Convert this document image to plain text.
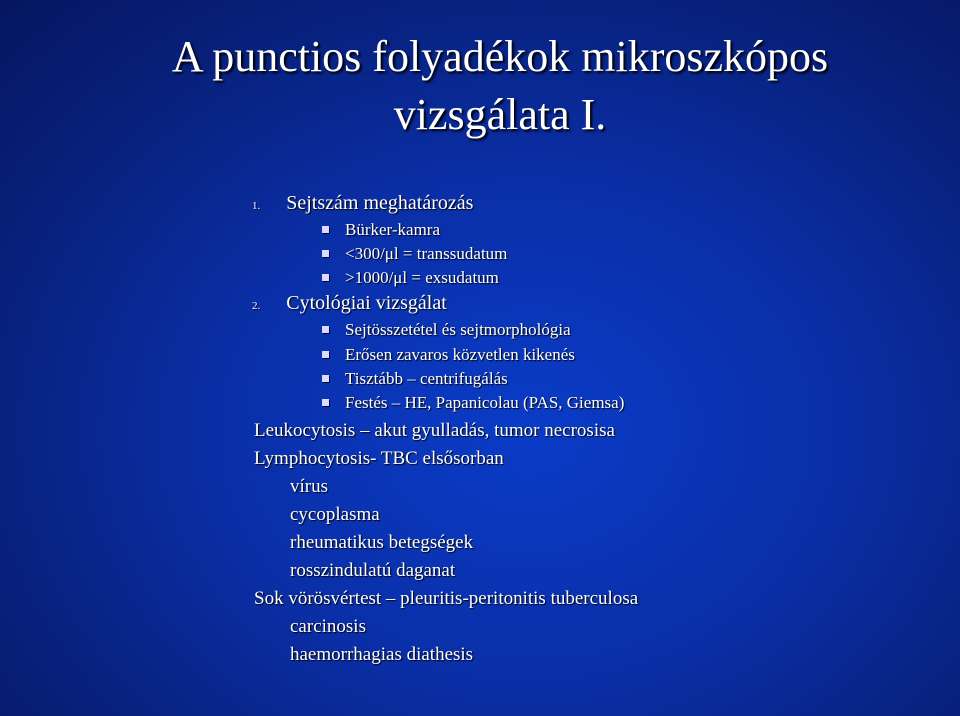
A punctios folyadékok mikroszkópos
vizsgálata I.
1. Sejtszám meghatározás
Bürker-kamra
<300/μl = transsudatum
>1000/μl = exsudatum
2. Cytológiai vizsgálat
Sejtösszetétel és sejtmorphológia
Erősen zavaros közvetlen kikenés
Tisztább – centrifugálás
Festés – HE, Papanicolau (PAS, Giemsa)
Leukocytosis – akut gyulladás, tumor necrosisa
Lymphocytosis- TBC elsősorban
vírus
cycoplasma
rheumatikus betegségek
rosszindulatú daganat
Sok vörösvértest – pleuritis-peritonitis tuberculosa
carcinosis
haemorrhagias diathesis
